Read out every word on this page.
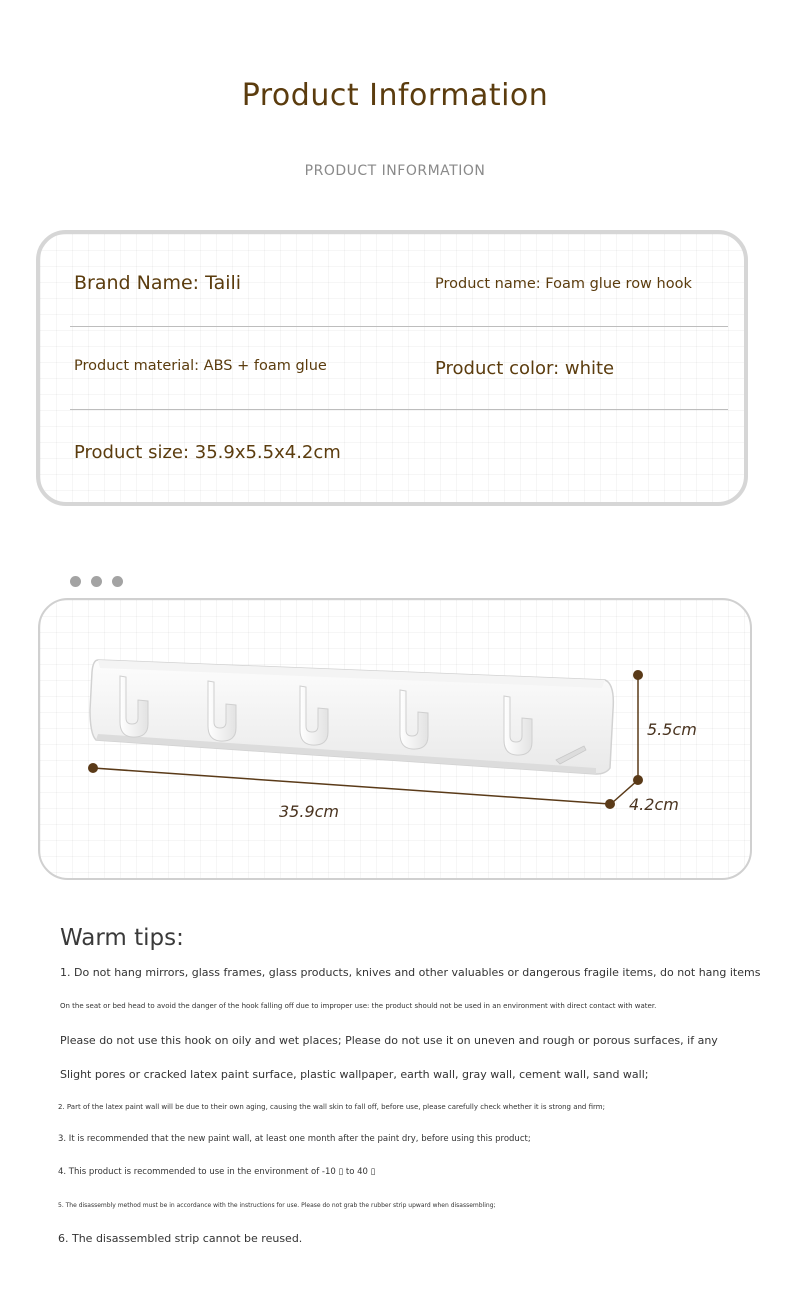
Product Information
PRODUCT INFORMATION
Brand Name: Taili	Product name: Foam glue row hook
Product material: ABS + foam glue	Product color: white
Product size: 35.9x5.5x4.2cm
35.9cm
5.5cm
4.2cm
Warm tips:
1. Do not hang mirrors, glass frames, glass products, knives and other valuables or dangerous fragile items, do not hang items
On the seat or bed head to avoid the danger of the hook falling off due to improper use: the product should not be used in an environment with direct contact with water.
Please do not use this hook on oily and wet places; Please do not use it on uneven and rough or porous surfaces, if any
Slight pores or cracked latex paint surface, plastic wallpaper, earth wall, gray wall, cement wall, sand wall;
2. Part of the latex paint wall will be due to their own aging, causing the wall skin to fall off, before use, please carefully check whether it is strong and firm;
3. It is recommended that the new paint wall, at least one month after the paint dry, before using this product;
4. This product is recommended to use in the environment of -10 ▯ to 40 ▯
5. The disassembly method must be in accordance with the instructions for use. Please do not grab the rubber strip upward when disassembling;
6. The disassembled strip cannot be reused.
